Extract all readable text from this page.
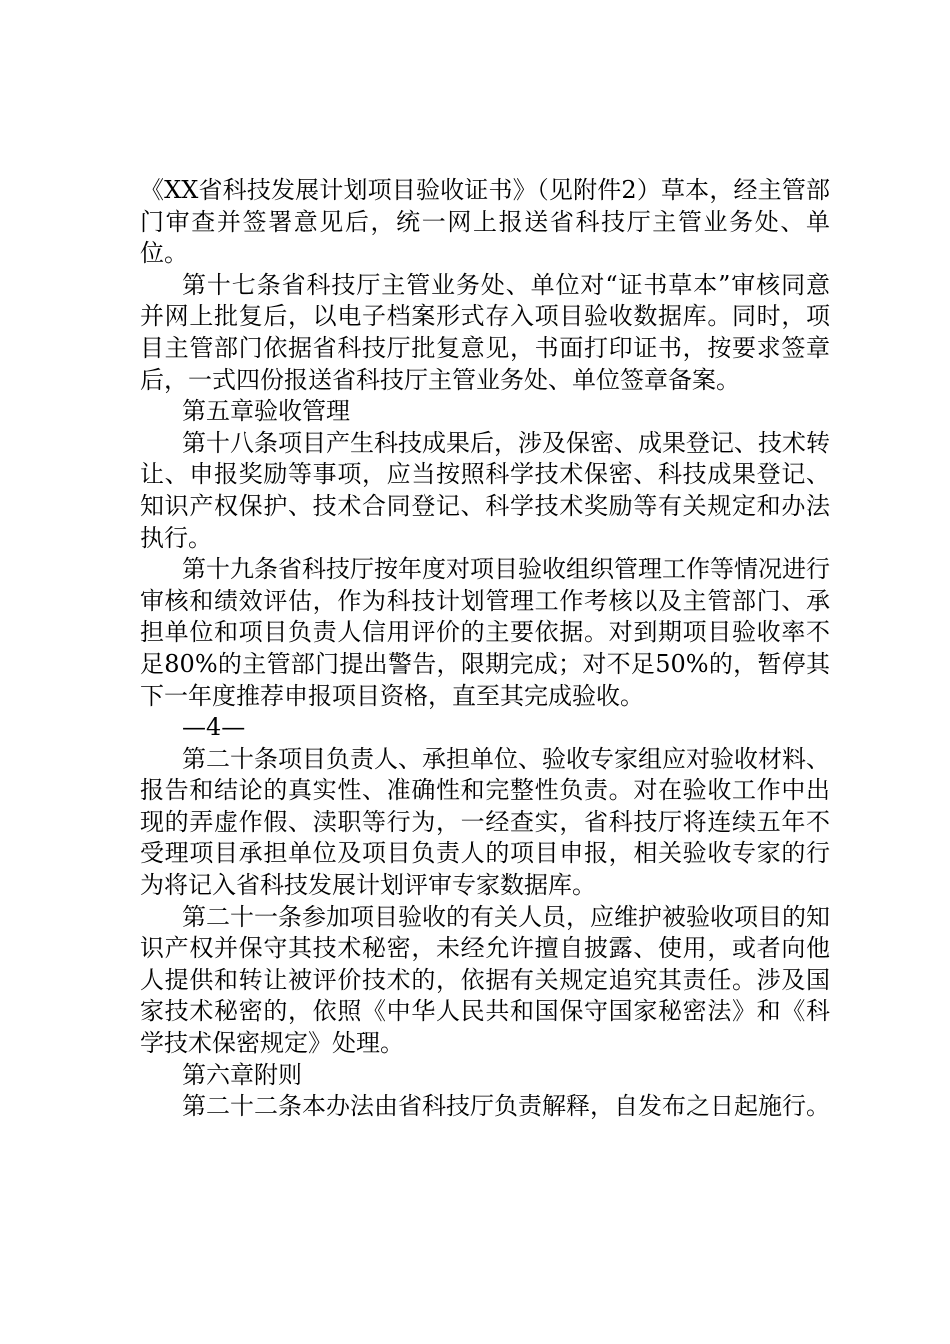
《XX省科技发展计划项目验收证书》（见附件2）草本，经主管部门审查并签署意见后，统一网上报送省科技厅主管业务处、单位。

第十七条省科技厅主管业务处、单位对“证书草本”审核同意并网上批复后，以电子档案形式存入项目验收数据库。同时，项目主管部门依据省科技厅批复意见，书面打印证书，按要求签章后，一式四份报送省科技厅主管业务处、单位签章备案。

第五章验收管理

第十八条项目产生科技成果后，涉及保密、成果登记、技术转让、申报奖励等事项，应当按照科学技术保密、科技成果登记、知识产权保护、技术合同登记、科学技术奖励等有关规定和办法执行。

第十九条省科技厅按年度对项目验收组织管理工作等情况进行审核和绩效评估，作为科技计划管理工作考核以及主管部门、承担单位和项目负责人信用评价的主要依据。对到期项目验收率不足80%的主管部门提出警告，限期完成；对不足50%的，暂停其下一年度推荐申报项目资格，直至其完成验收。

—4—

第二十条项目负责人、承担单位、验收专家组应对验收材料、报告和结论的真实性、准确性和完整性负责。对在验收工作中出现的弄虚作假、渎职等行为，一经查实，省科技厅将连续五年不受理项目承担单位及项目负责人的项目申报，相关验收专家的行为将记入省科技发展计划评审专家数据库。

第二十一条参加项目验收的有关人员，应维护被验收项目的知识产权并保守其技术秘密，未经允许擅自披露、使用，或者向他人提供和转让被评价技术的，依据有关规定追究其责任。涉及国家技术秘密的，依照《中华人民共和国保守国家秘密法》和《科学技术保密规定》处理。

第六章附则

第二十二条本办法由省科技厅负责解释，自发布之日起施行。
